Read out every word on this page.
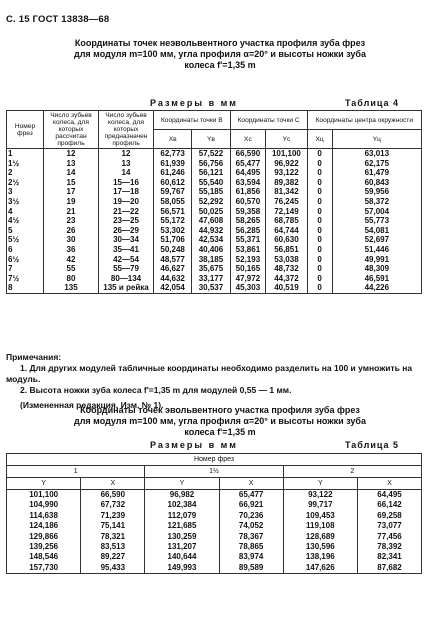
С. 15 ГОСТ 13838—68
Координаты точек неэвольвентного участка профиля зуба фрез
для модуля m=100 мм, угла профиля α=20° и высоты ножки зуба
колеса f'=1,35 m
Размеры в мм	Таблица 4
Номер фрез	Число зубьев колеса, для которых рассчитан профиль	Число зубьев колеса, для которых предназначен профиль	Координаты точки B		Координаты точки C		Координаты центра окружности	
			Xв	Yв	Xс	Yс	Xц	Yц
1	12	12	62,773	57,522	66,590	101,100	0	63,013
1½	13	13	61,939	56,756	65,477	96,922	0	62,175
2	14	14	61,246	56,121	64,495	93,122	0	61,479
2½	15	15—16	60,612	55,540	63,594	89,382	0	60,843
3	17	17—18	59,767	55,185	61,856	81,342	0	59,956
3½	19	19—20	58,055	52,292	60,570	76,245	0	58,372
4	21	21—22	56,571	50,025	59,358	72,149	0	57,004
4½	23	23—25	55,172	47,608	58,265	68,785	0	55,773
5	26	26—29	53,302	44,932	56,285	64,744	0	54,081
5½	30	30—34	51,706	42,534	55,371	60,630	0	52,697
6	36	35—41	50,248	40,406	53,861	56,851	0	51,446
6½	42	42—54	48,577	38,185	52,193	53,038	0	49,991
7	55	55—79	46,627	35,675	50,165	48,732	0	48,309
7½	80	80—134	44,632	33,177	47,972	44,372	0	46,591
8	135	135 и рейка	42,054	30,537	45,303	40,519	0	44,226

Примечания:

1. Для других модулей табличные координаты необходимо разделить на 100 и умножить на модуль.

2. Высота ножки зуба колеса f'=1,35 m для модулей 0,55 — 1 мм.

(Измененная редакция, Изм. № 1).

Координаты точек эвольвентного участка профиля зуба фрез
для модуля m=100 мм, угла профиля α=20° и высоты ножки зуба
колеса f'=1,35 m
Размеры в мм	Таблица 5
Номер фрез					
1		1½		2	
Y	X	Y	X	Y	X
101,100	66,590	96,982	65,477	93,122	64,495
104,990	67,732	102,384	66,921	99,717	66,142
114,638	71,239	112,079	70,236	109,453	69,258
124,186	75,141	121,685	74,052	119,108	73,077
129,866	78,321	130,259	78,367	128,689	77,456
139,256	83,513	131,207	78,865	130,596	78,392
148,546	89,227	140,644	83,974	138,196	82,341
157,730	95,433	149,993	89,589	147,626	87,682
